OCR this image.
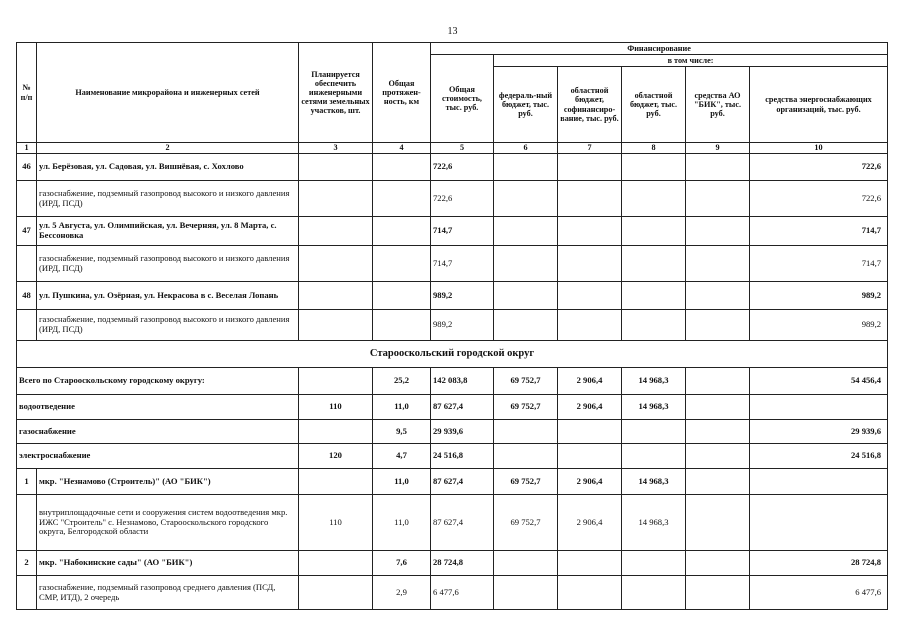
13
№ п/п	Наименование микрорайона и инженерных сетей	Планируется обеспечить инженерными сетями земельных участков, шт.	Общая протяжен-ность, км	Финансирование					
				Общая стоимость, тыс. руб.	в том числе:				
					федераль-ный бюджет, тыс. руб.	областной бюджет, софинансиро-вание, тыс. руб.	областной бюджет, тыс. руб.	средства АО "БИК", тыс. руб.	средства энергоснабжающих организаций, тыс. руб.
1	2	3	4	5	6	7	8	9	10
46	ул. Берёзовая, ул. Садовая, ул. Вишнёвая, с. Хохлово			722,6					722,6
	газоснабжение, подземный газопровод высокого и низкого давления (ИРД, ПСД)			722,6					722,6
47	ул. 5 Августа, ул. Олимпийская, ул. Вечерняя, ул. 8 Марта, с. Бессоновка			714,7					714,7
	газоснабжение, подземный газопровод высокого и низкого давления (ИРД, ПСД)			714,7					714,7
48	ул. Пушкина, ул. Озёрная, ул. Некрасова в с. Веселая Лопань			989,2					989,2
	газоснабжение, подземный газопровод высокого и низкого давления (ИРД, ПСД)			989,2					989,2
Старооскольский городской округ									
Всего по Старооскольскому городскому округу:			25,2	142 083,8	69 752,7	2 906,4	14 968,3		54 456,4
водоотведение		110	11,0	87 627,4	69 752,7	2 906,4	14 968,3		
газоснабжение			9,5	29 939,6					29 939,6
электроснабжение		120	4,7	24 516,8					24 516,8
1	мкр. "Незнамово (Строитель)" (АО "БИК")		11,0	87 627,4	69 752,7	2 906,4	14 968,3		
	внутриплощадочные сети и сооружения систем водоотведения мкр. ИЖС "Строитель" с. Незнамово, Старооскольского городского округа, Белгородской области	110	11,0	87 627,4	69 752,7	2 906,4	14 968,3		
2	мкр. "Набокинские сады" (АО "БИК")		7,6	28 724,8					28 724,8
	газоснабжение, подземный газопровод среднего давления (ПСД, СМР, ИТД), 2 очередь		2,9	6 477,6					6 477,6
